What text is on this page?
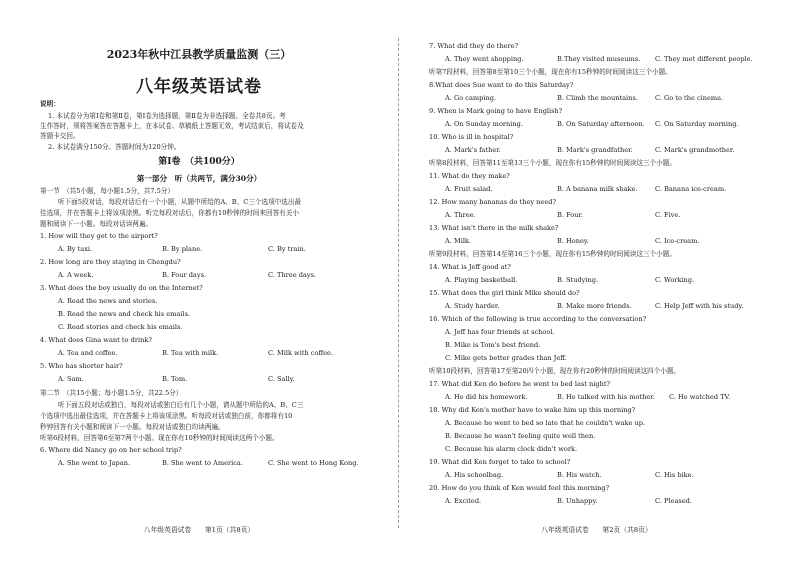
2023年秋中江县教学质量监测（三）
八年级英语试卷
说明：
1. 本试卷分为第Ⅰ卷和第Ⅱ卷，第Ⅰ卷为选择题，第Ⅱ卷为非选择题。全卷共8页。考
生作答时，须将答案答在答题卡上，在本试卷、草稿纸上答题无效，考试结束后，将试卷及
答题卡交回。
2. 本试卷满分150分。答题时间为120分钟。
第Ⅰ卷　（共100分）
第一部分　听（共两节，满分30分）
第一节　（共5小题，每小题1.5分，共7.5分）
听下面5段对话，每段对话后有一个小题，从题中所给的A、B、C三个选项中选出最
佳选项，并在答题卡上将该项涂黑。听完每段对话后，你都有10秒钟的时间来回答有关小
题和阅读下一小题。每段对话读两遍。
1. How will they get to the airport?
A. By taxi.	B. By plane.	C. By train.
2. How long are they staying in Chengdu?
A. A week.	B. Four days.	C. Three days.
3. What does the boy usually do on the Internet?
A. Read the news and stories.
B. Read the news and check his emails.
C. Read stories and check his emails.
4. What does Gina want to drink?
A. Tea and coffee.	B. Tea with milk.	C. Milk with coffee.
5. Who has shorter hair?
A. Sam.	B. Tom.	C. Sally.
第二节　（共15小题；每小题1.5分，共22.5分）
听下面五段对话或独白，每段对话或独白后有几个小题，请从题中所给的A、B、C三
个选项中选出最佳选项，并在答题卡上将该项涂黑。听每段对话或独白前，你都将有10
秒钟回答有关小题和阅读下一小题。每段对话或独白均读两遍。
听第6段材料，回答第6至第7两个小题。现在你有10秒钟的时间阅读这两个小题。
6. Where did Nancy go on her school trip?
A. She went to Japan.	B. She went to America.	C. She went to Hong Kong.
八年级英语试卷　　第1页（共8页）
7. What did they do there?
A. They went shopping.	B.They visited museums. C. They met different people.
听第7段材料，回答第8至第10三个小题，现在你有15秒钟的时间阅读这三个小题。
8.What does Sue want to do this Saturday?
A. Go camping.	B. Climb the mountains.	C. Go to the cinema.
9. When is Mark going to have English?
A. On Sunday morning.	B. On Saturday afternoon. C. On Saturday morning.
10. Who is ill in hospital?
A. Mark's father.	B. Mark's grandfather.	C. Mark's grandmother.
听第8段材料，回答第11至第13三个小题，现在你有15秒钟的时间阅读这三个小题。
11. What do they make?
A. Fruit salad.	B. A banana milk shake.	C. Banana ice-cream.
12. How many bananas do they need?
A. Three.	B. Four.	C. Five.
13. What isn't there in the milk shake?
A. Milk.	B. Honey.	C. Ice-cream.
听第9段材料，回答第14至第16三个小题，现在你有15秒钟的时间阅读这三个小题。
14. What is Jeff good at?
A. Playing basketball.	B. Studying.	C. Working.
15. What does the girl think Mike should do?
A. Study harder.	B. Make more friends.	C. Help Jeff with his study.
16. Which of the following is true according to the conversation?
A. Jeff has four friends at school.
B. Mike is Tom's best friend.
C. Mike gets better grades than Jeff.
听第10段材料，回答第17至第20四个小题，现在你有20秒钟的时间阅读这四个小题。
17. What did Ken do before he went to bed last night?
A. He did his homework.	B. He talked with his mother. C. He watched TV.
18. Why did Ken's mother have to wake him up this morning?
A. Because he went to bed so late that he couldn't wake up.
B. Because he wasn't feeling quite well then.
C. Because his alarm clock didn't work.
19. What did Ken forget to take to school?
A. His schoolbag.	B. His watch.	C. His bike.
20. How do you think of Ken would feel this morning?
A. Excited.	B. Unhappy.	C. Pleased.
八年级英语试卷　　第2页（共8页）
